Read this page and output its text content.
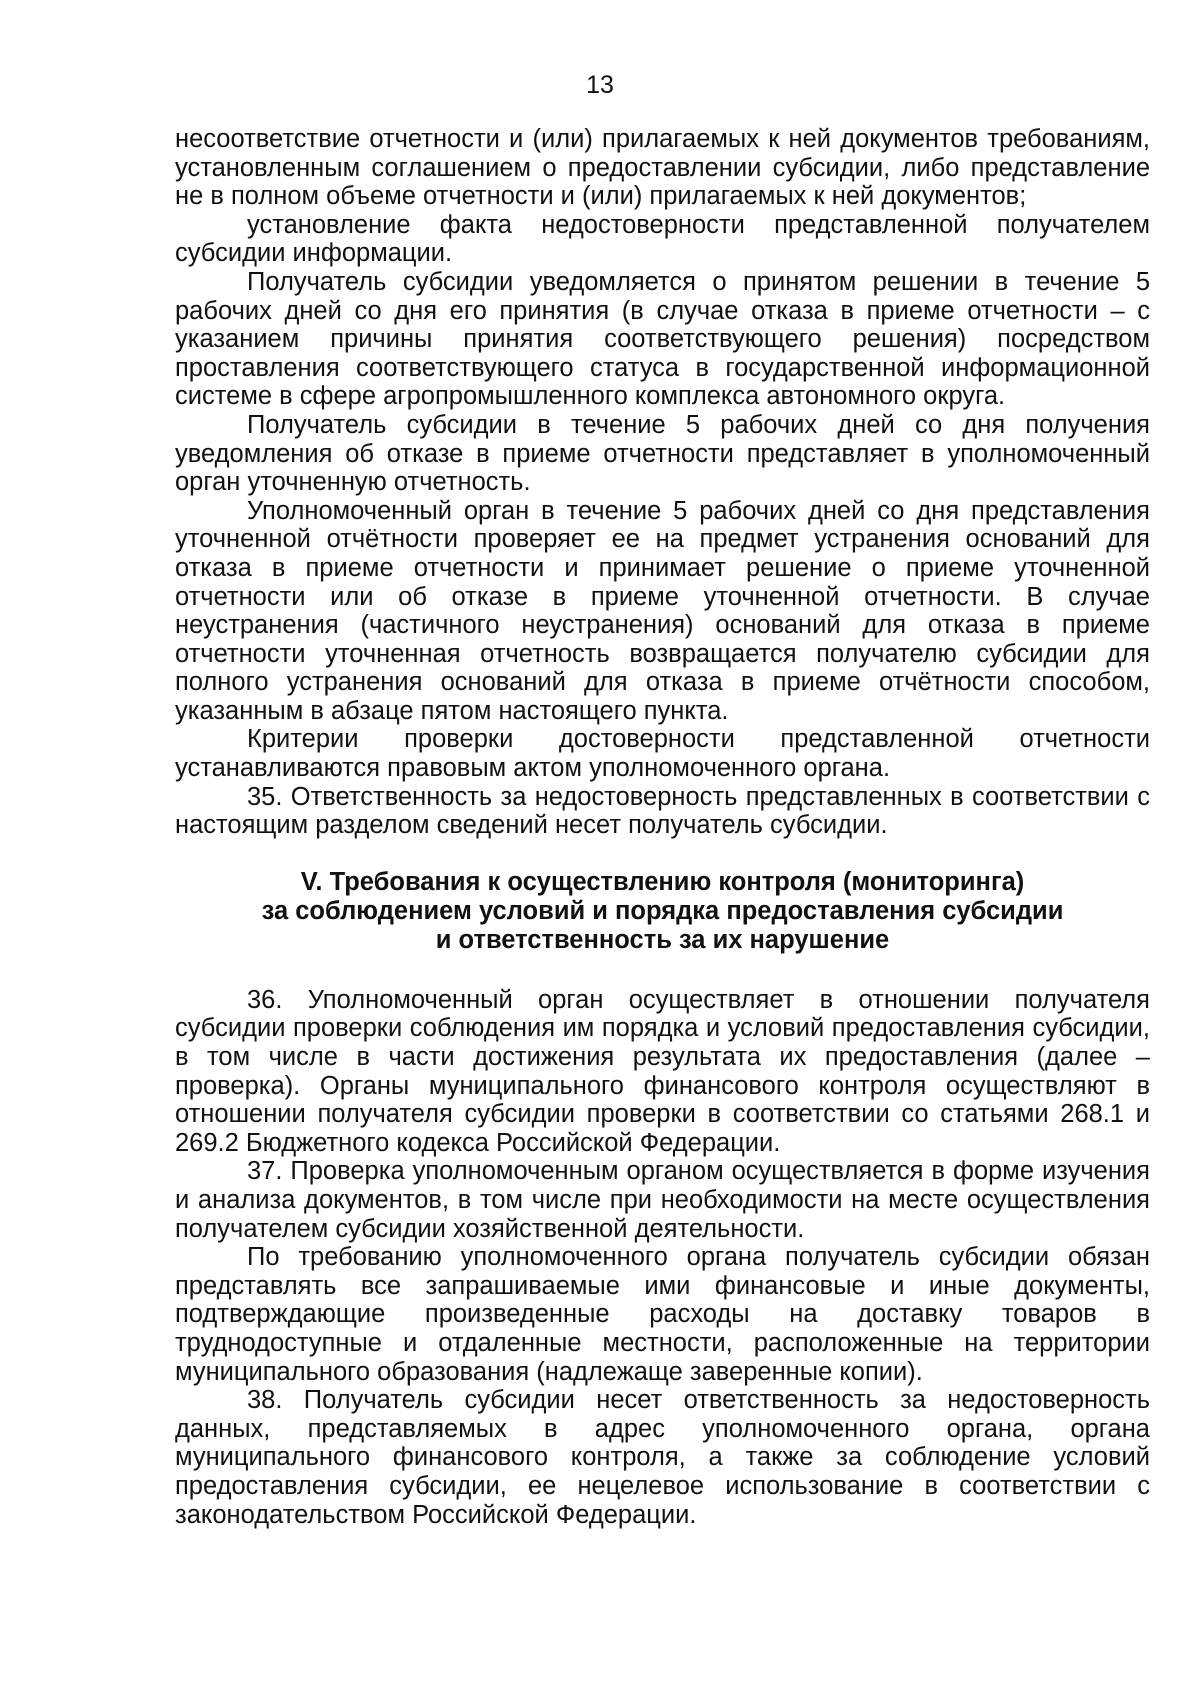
13

несоответствие отчетности и (или) прилагаемых к ней документов требованиям, установленным соглашением о предоставлении субсидии, либо представление не в полном объеме отчетности и (или) прилагаемых к ней документов;

установление факта недостоверности представленной получателем субсидии информации.

Получатель субсидии уведомляется о принятом решении в течение 5 рабочих дней со дня его принятия (в случае отказа в приеме отчетности – с указанием причины принятия соответствующего решения) посредством проставления соответствующего статуса в государственной информационной системе в сфере агропромышленного комплекса автономного округа.

Получатель субсидии в течение 5 рабочих дней со дня получения уведомления об отказе в приеме отчетности представляет в уполномоченный орган уточненную отчетность.

Уполномоченный орган в течение 5 рабочих дней со дня представления уточненной отчётности проверяет ее на предмет устранения оснований для отказа в приеме отчетности и принимает решение о приеме уточненной отчетности или об отказе в приеме уточненной отчетности. В случае неустранения (частичного неустранения) оснований для отказа в приеме отчетности уточненная отчетность возвращается получателю субсидии для полного устранения оснований для отказа в приеме отчётности способом, указанным в абзаце пятом настоящего пункта.

Критерии проверки достоверности представленной отчетности устанавливаются правовым актом уполномоченного органа.

35. Ответственность за недостоверность представленных в соответствии с настоящим разделом сведений несет получатель субсидии.

V. Требования к осуществлению контроля (мониторинга)
за соблюдением условий и порядка предоставления субсидии
и ответственность за их нарушение

36. Уполномоченный орган осуществляет в отношении получателя субсидии проверки соблюдения им порядка и условий предоставления субсидии, в том числе в части достижения результата их предоставления (далее – проверка). Органы муниципального финансового контроля осуществляют в отношении получателя субсидии проверки в соответствии со статьями 268.1 и 269.2 Бюджетного кодекса Российской Федерации.

37. Проверка уполномоченным органом осуществляется в форме изучения и анализа документов, в том числе при необходимости на месте осуществления получателем субсидии хозяйственной деятельности.

По требованию уполномоченного органа получатель субсидии обязан представлять все запрашиваемые ими финансовые и иные документы, подтверждающие произведенные расходы на доставку товаров в труднодоступные и отдаленные местности, расположенные на территории муниципального образования (надлежаще заверенные копии).

38. Получатель субсидии несет ответственность за недостоверность данных, представляемых в адрес уполномоченного органа, органа муниципального финансового контроля, а также за соблюдение условий предоставления субсидии, ее нецелевое использование в соответствии с законодательством Российской Федерации.
